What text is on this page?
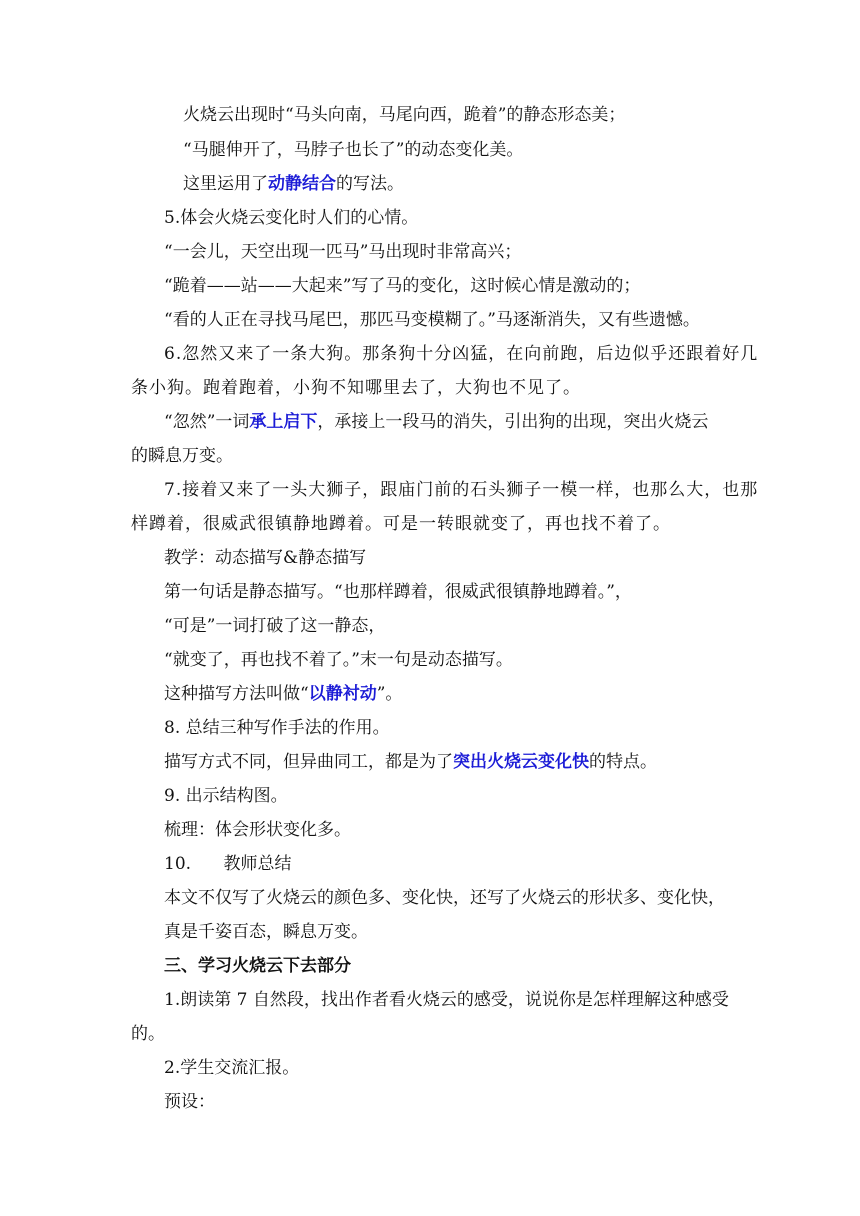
火烧云出现时“马头向南，马尾向西，跪着”的静态形态美；
“马腿伸开了，马脖子也长了”的动态变化美。
这里运用了动静结合的写法。
5.体会火烧云变化时人们的心情。
“一会儿，天空出现一匹马”马出现时非常高兴；
“跪着——站——大起来”写了马的变化，这时候心情是激动的；
“看的人正在寻找马尾巴，那匹马变模糊了。”马逐渐消失，又有些遗憾。
6.忽然又来了一条大狗。那条狗十分凶猛，在向前跑，后边似乎还跟着好几
条小狗。跑着跑着，小狗不知哪里去了，大狗也不见了。
“忽然”一词承上启下，承接上一段马的消失，引出狗的出现，突出火烧云
的瞬息万变。
7.接着又来了一头大狮子，跟庙门前的石头狮子一模一样，也那么大，也那
样蹲着，很威武很镇静地蹲着。可是一转眼就变了，再也找不着了。
教学：动态描写&静态描写
第一句话是静态描写。“也那样蹲着，很威武很镇静地蹲着。”，
“可是”一词打破了这一静态，
“就变了，再也找不着了。”末一句是动态描写。
这种描写方法叫做“以静衬动”。
8. 总结三种写作手法的作用。
描写方式不同，但异曲同工，都是为了突出火烧云变化快的特点。
9. 出示结构图。
梳理：体会形状变化多。
10.      教师总结
本文不仅写了火烧云的颜色多、变化快，还写了火烧云的形状多、变化快，
真是千姿百态，瞬息万变。
三、学习火烧云下去部分
1.朗读第 7 自然段，找出作者看火烧云的感受，说说你是怎样理解这种感受
的。
2.学生交流汇报。
预设：
